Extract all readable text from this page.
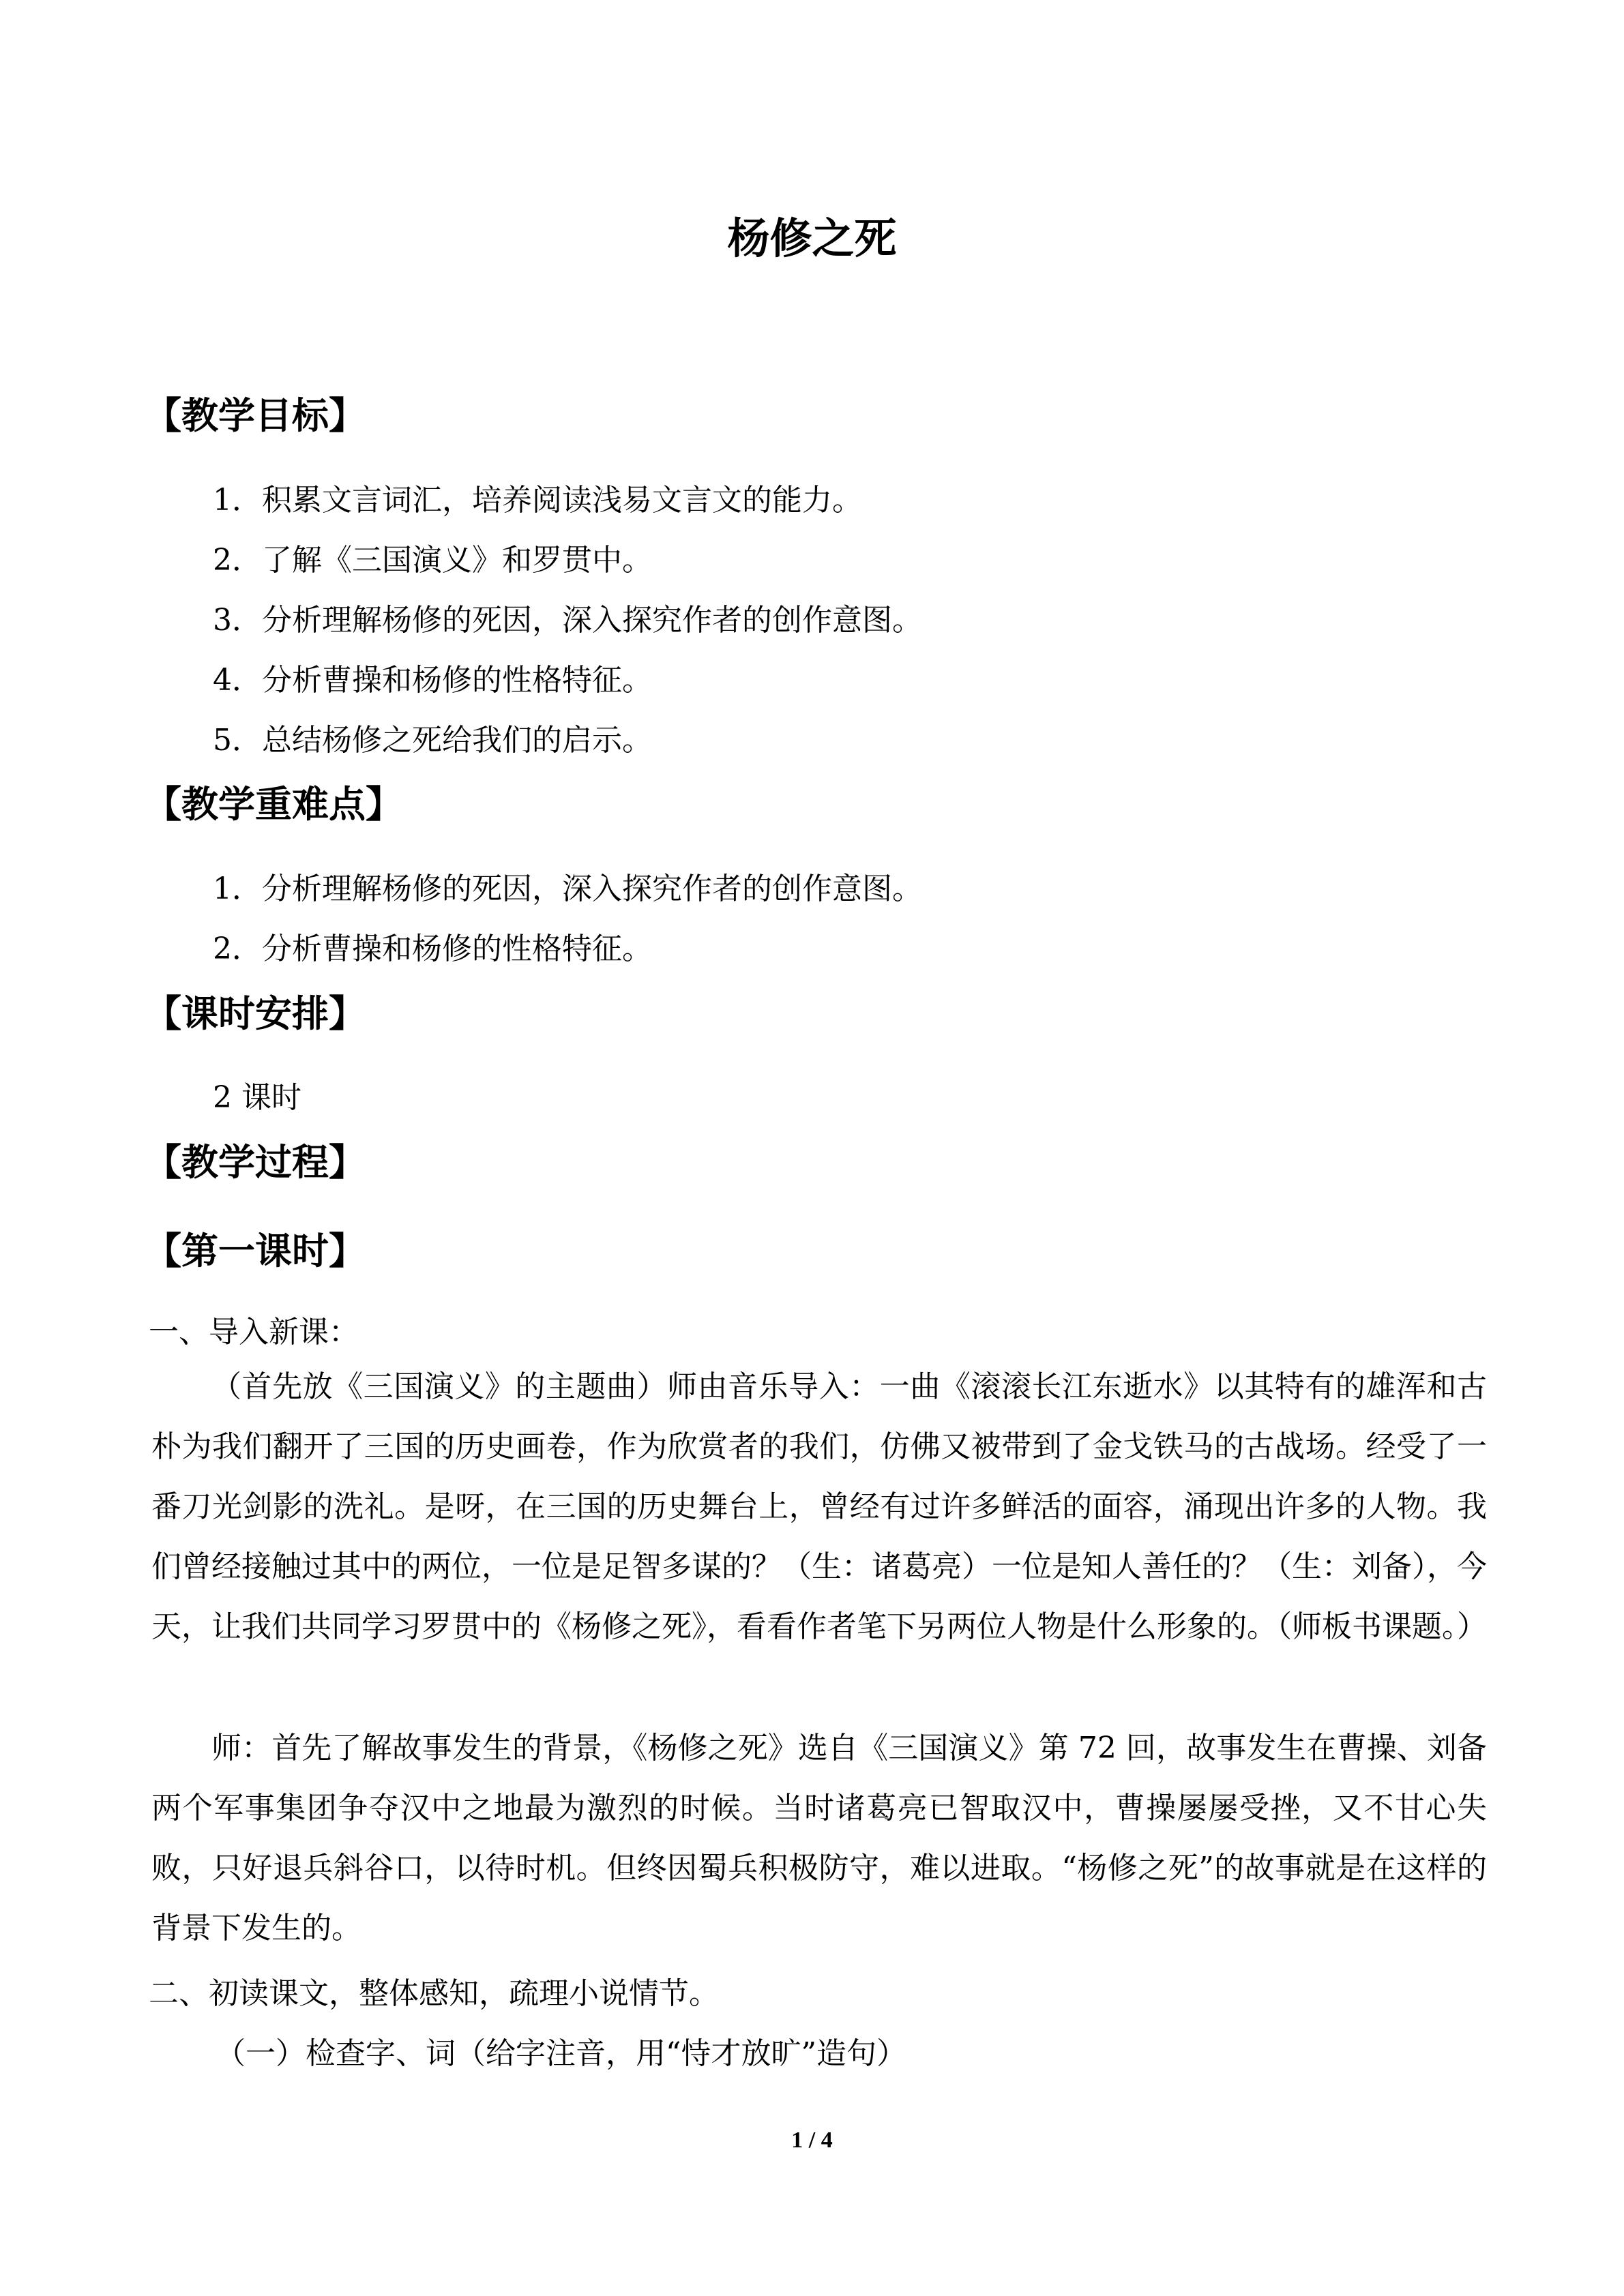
杨修之死
【教学目标】
1．积累文言词汇，培养阅读浅易文言文的能力。
2．了解《三国演义》和罗贯中。
3．分析理解杨修的死因，深入探究作者的创作意图。
4．分析曹操和杨修的性格特征。
5．总结杨修之死给我们的启示。
【教学重难点】
1．分析理解杨修的死因，深入探究作者的创作意图。
2．分析曹操和杨修的性格特征。
【课时安排】
2 课时
【教学过程】
【第一课时】
一、导入新课：
（首先放《三国演义》的主题曲）师由音乐导入：一曲《滚滚长江东逝水》以其特有的雄浑和古朴为我们翻开了三国的历史画卷，作为欣赏者的我们，仿佛又被带到了金戈铁马的古战场。经受了一番刀光剑影的洗礼。是呀，在三国的历史舞台上，曾经有过许多鲜活的面容，涌现出许多的人物。我们曾经接触过其中的两位，一位是足智多谋的？（生：诸葛亮）一位是知人善任的？（生：刘备），今天，让我们共同学习罗贯中的《杨修之死》，看看作者笔下另两位人物是什么形象的。（师板书课题。）
师：首先了解故事发生的背景，《杨修之死》选自《三国演义》第 72 回，故事发生在曹操、刘备两个军事集团争夺汉中之地最为激烈的时候。当时诸葛亮已智取汉中，曹操屡屡受挫，又不甘心失败，只好退兵斜谷口，以待时机。但终因蜀兵积极防守，难以进取。“杨修之死”的故事就是在这样的背景下发生的。
二、初读课文，整体感知，疏理小说情节。
（一）检查字、词（给字注音，用“恃才放旷”造句）
1 / 4
